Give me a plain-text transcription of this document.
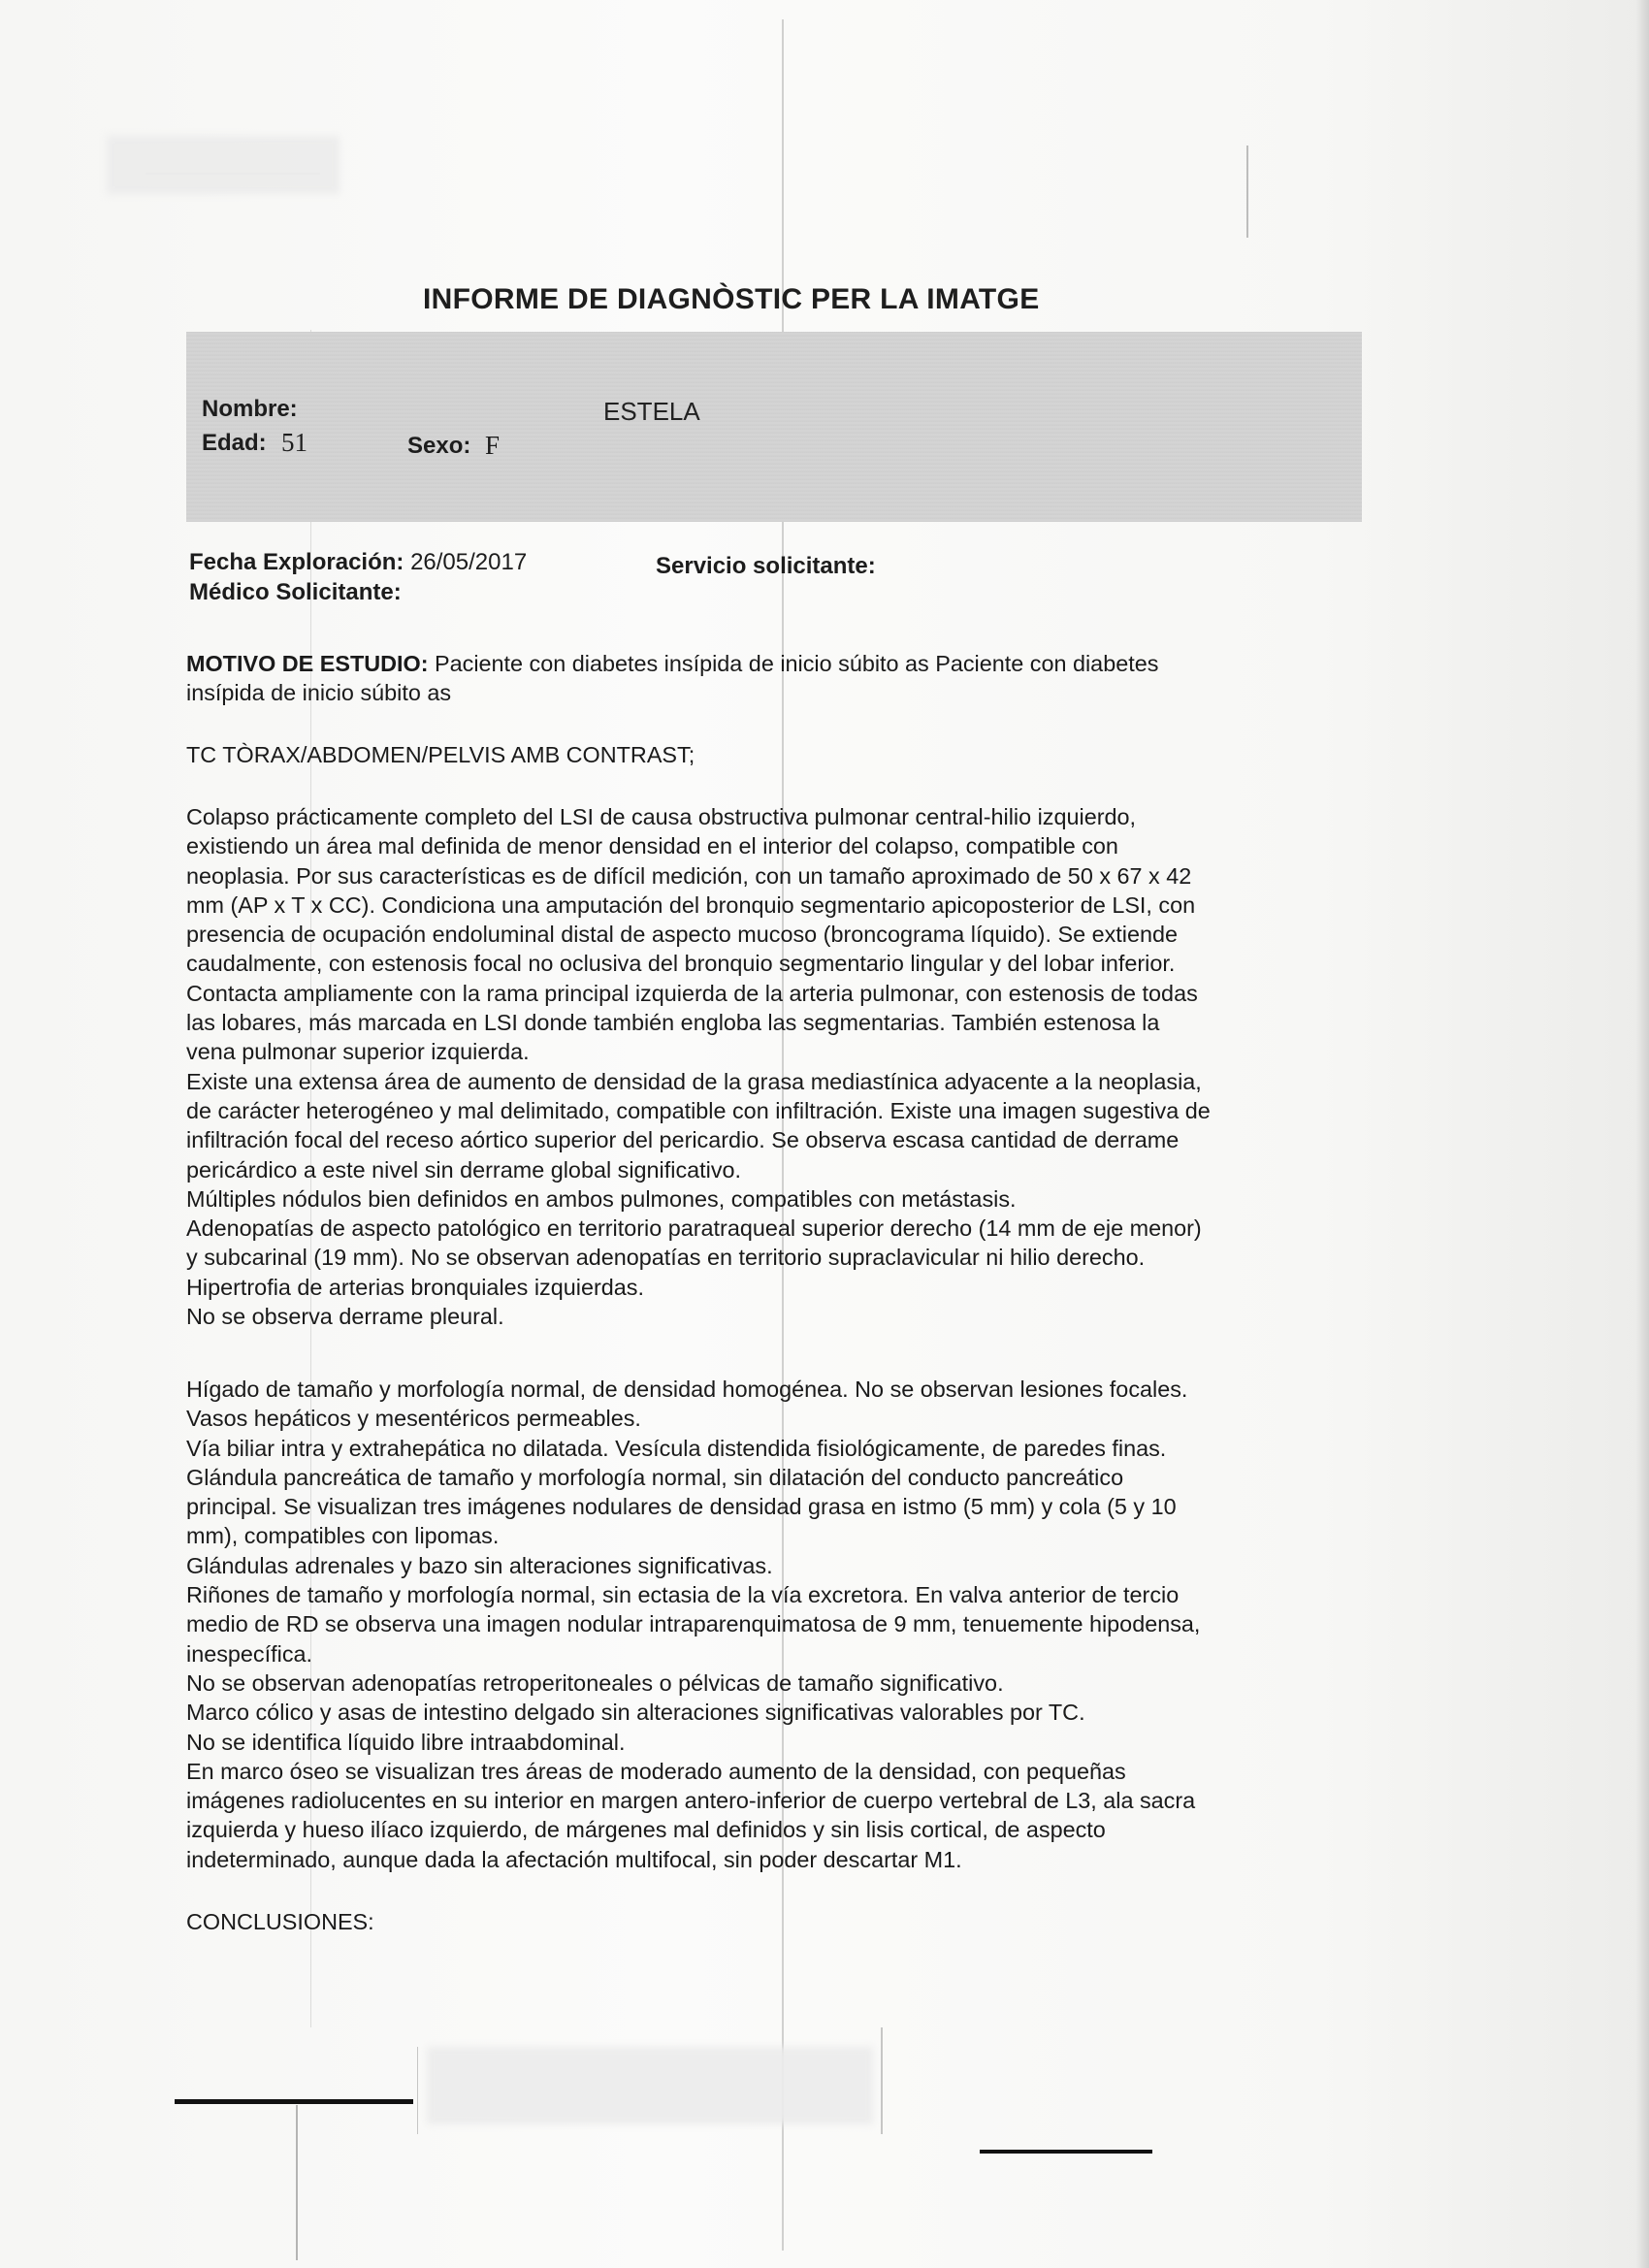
INFORME DE DIAGNÒSTIC PER LA IMATGE
Nombre:	ESTELA
Edad: 51	Sexo: F
Fecha Exploración: 26/05/2017	Servicio solicitante:
Médico Solicitante:
MOTIVO DE ESTUDIO: Paciente con diabetes insípida de inicio súbito as Paciente con diabetes
insípida de inicio súbito as
TC TÒRAX/ABDOMEN/PELVIS AMB CONTRAST;
Colapso prácticamente completo del LSI de causa obstructiva pulmonar central-hilio izquierdo,
existiendo un área mal definida de menor densidad en el interior del colapso, compatible con
neoplasia. Por sus características es de difícil medición, con un tamaño aproximado de 50 x 67 x 42
mm (AP x T x CC). Condiciona una amputación del bronquio segmentario apicoposterior de LSI, con
presencia de ocupación endoluminal distal de aspecto mucoso (broncograma líquido). Se extiende
caudalmente, con estenosis focal no oclusiva del bronquio segmentario lingular y del lobar inferior.
Contacta ampliamente con la rama principal izquierda de la arteria pulmonar, con estenosis de todas
las lobares, más marcada en LSI donde también engloba las segmentarias. También estenosa la
vena pulmonar superior izquierda.
Existe una extensa área de aumento de densidad de la grasa mediastínica adyacente a la neoplasia,
de carácter heterogéneo y mal delimitado, compatible con infiltración. Existe una imagen sugestiva de
infiltración focal del receso aórtico superior del pericardio. Se observa escasa cantidad de derrame
pericárdico a este nivel sin derrame global significativo.
Múltiples nódulos bien definidos en ambos pulmones, compatibles con metástasis.
Adenopatías de aspecto patológico en territorio paratraqueal superior derecho (14 mm de eje menor)
y subcarinal (19 mm). No se observan adenopatías en territorio supraclavicular ni hilio derecho.
Hipertrofia de arterias bronquiales izquierdas.
No se observa derrame pleural.
Hígado de tamaño y morfología normal, de densidad homogénea. No se observan lesiones focales.
Vasos hepáticos y mesentéricos permeables.
Vía biliar intra y extrahepática no dilatada. Vesícula distendida fisiológicamente, de paredes finas.
Glándula pancreática de tamaño y morfología normal, sin dilatación del conducto pancreático
principal. Se visualizan tres imágenes nodulares de densidad grasa en istmo (5 mm) y cola (5 y 10
mm), compatibles con lipomas.
Glándulas adrenales y bazo sin alteraciones significativas.
Riñones de tamaño y morfología normal, sin ectasia de la vía excretora. En valva anterior de tercio
medio de RD se observa una imagen nodular intraparenquimatosa de 9 mm, tenuemente hipodensa,
inespecífica.
No se observan adenopatías retroperitoneales o pélvicas de tamaño significativo.
Marco cólico y asas de intestino delgado sin alteraciones significativas valorables por TC.
No se identifica líquido libre intraabdominal.
En marco óseo se visualizan tres áreas de moderado aumento de la densidad, con pequeñas
imágenes radiolucentes en su interior en margen antero-inferior de cuerpo vertebral de L3, ala sacra
izquierda y hueso ilíaco izquierdo, de márgenes mal definidos y sin lisis cortical, de aspecto
indeterminado, aunque dada la afectación multifocal, sin poder descartar M1.
CONCLUSIONES:
